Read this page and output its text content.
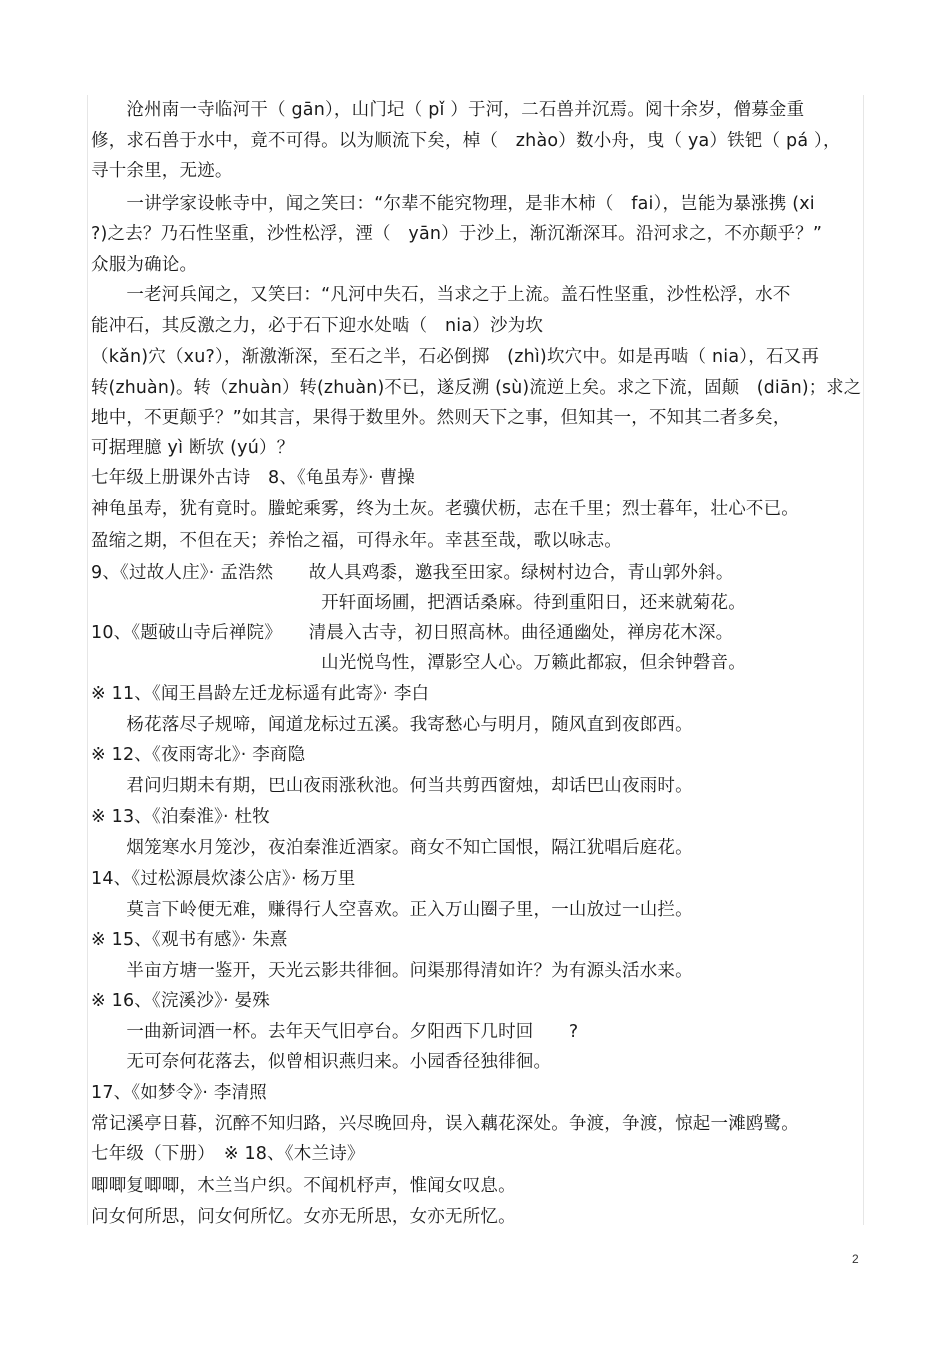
　　沧州南一寺临河干（ gān），山门圮（ pǐ ）于河，二石兽并沉焉。阅十余岁，僧募金重
修，求石兽于水中，竟不可得。以为顺流下矣，棹（　zhào）数小舟，曳（ ya）铁钯（ pá ），
寻十余里，无迹。
　　一讲学家设帐寺中，闻之笑曰：“尔辈不能究物理，是非木柿（　fai），岂能为暴涨携 (xi
?)之去？乃石性坚重，沙性松浮，湮（　yān）于沙上，渐沉渐深耳。沿河求之，不亦颠乎？”
众服为确论。
　　一老河兵闻之，又笑曰：“凡河中失石，当求之于上流。盖石性坚重，沙性松浮，水不
能冲石，其反激之力，必于石下迎水处啮（　nia）沙为坎
（kǎn)穴（xu?），渐激渐深，至石之半，石必倒掷　(zhì)坎穴中。如是再啮（ nia），石又再
转(zhuàn)。转（zhuàn）转(zhuàn)不已，遂反溯 (sù)流逆上矣。求之下流，固颠　(diān)；求之
地中，不更颠乎？”如其言，果得于数里外。然则天下之事，但知其一，不知其二者多矣，
可据理臆 yì 断欤 (yú）？
七年级上册课外古诗　8、《龟虽寿》· 曹操
神龟虽寿，犹有竟时。螣蛇乘雾，终为土灰。老骥伏枥，志在千里；烈士暮年，壮心不已。
盈缩之期，不但在天；养怡之福，可得永年。幸甚至哉，歌以咏志。
9、《过故人庄》· 孟浩然　　故人具鸡黍，邀我至田家。绿树村边合，青山郭外斜。
　　　　　　　　　　　　　开轩面场圃，把酒话桑麻。待到重阳日，还来就菊花。
10、《题破山寺后禅院》　　清晨入古寺，初日照高林。曲径通幽处，禅房花木深。
　　　　　　　　　　　　　山光悦鸟性，潭影空人心。万籁此都寂，但余钟磬音。
※ 11、《闻王昌龄左迁龙标遥有此寄》· 李白
　　杨花落尽子规啼，闻道龙标过五溪。我寄愁心与明月，随风直到夜郎西。
※ 12、《夜雨寄北》· 李商隐
　　君问归期未有期，巴山夜雨涨秋池。何当共剪西窗烛，却话巴山夜雨时。
※ 13、《泊秦淮》· 杜牧
　　烟笼寒水月笼沙，夜泊秦淮近酒家。商女不知亡国恨，隔江犹唱后庭花。
14、《过松源晨炊漆公店》· 杨万里
　　莫言下岭便无难，赚得行人空喜欢。正入万山圈子里，一山放过一山拦。
※ 15、《观书有感》· 朱熹
　　半亩方塘一鉴开，天光云影共徘徊。问渠那得清如许？为有源头活水来。
※ 16、《浣溪沙》· 晏殊
　　一曲新词酒一杯。去年天气旧亭台。夕阳西下几时回　　?
　　无可奈何花落去，似曾相识燕归来。小园香径独徘徊。
17、《如梦令》· 李清照
常记溪亭日暮，沉醉不知归路，兴尽晚回舟，误入藕花深处。争渡，争渡，惊起一滩鸥鹭。
七年级（下册）　※ 18、《木兰诗》
唧唧复唧唧，木兰当户织。不闻机杼声，惟闻女叹息。
问女何所思，问女何所忆。女亦无所思，女亦无所忆。
2
